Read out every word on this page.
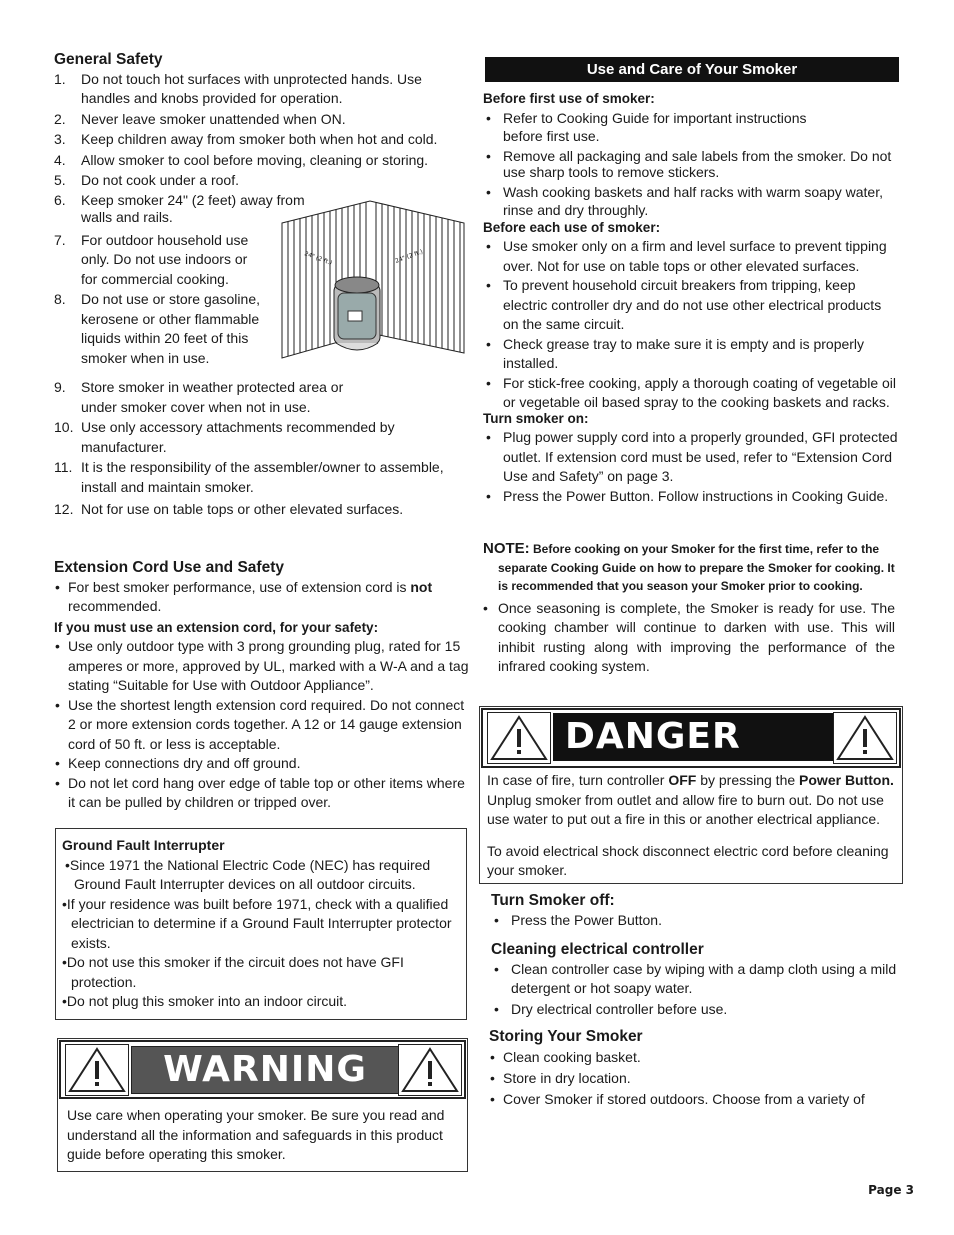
General Safety

1. Do not touch hot surfaces with unprotected hands. Use handles and knobs provided for operation.
2. Never leave smoker unattended when ON.
3. Keep children away from smoker both when hot and cold.
4. Allow smoker to cool before moving, cleaning or storing.
5. Do not cook under a roof.
6. Keep smoker 24" (2 feet) away from walls and rails.
7. For outdoor household use only. Do not use indoors or for commercial cooking.
8. Do not use or store gasoline, kerosene or other flammable liquids within 20 feet of this smoker when in use.
9. Store smoker in weather protected area or under smoker cover when not in use.
10. Use only accessory attachments recommended by manufacturer.
11. It is the responsibility of the assembler/owner to assemble, install and maintain smoker.
12. Not for use on table tops or other elevated surfaces.
24" (2 ft.)	24" (2 ft.)

Extension Cord Use and Safety

• For best smoker performance, use of extension cord is not recommended.

If you must use an extension cord, for your safety:

• Use only outdoor type with 3 prong grounding plug, rated for 15 amperes or more, approved by UL, marked with a W-A and a tag stating “Suitable for Use with Outdoor Appliance”.
• Use the shortest length extension cord required. Do not connect 2 or more extension cords together. A 12 or 14 gauge extension cord of 50 ft. or less is acceptable.
• Keep connections dry and off ground.
• Do not let cord hang over edge of table top or other items where it can be pulled by children or tripped over.

Ground Fault Interrupter

•Since 1971 the National Electric Code (NEC) has required Ground Fault Interrupter devices on all outdoor circuits.
•If your residence was built before 1971, check with a qualified electrician to determine if a Ground Fault Interrupter protector exists.
•Do not use this smoker if the circuit does not have GFI protection.
•Do not plug this smoker into an indoor circuit.
WARNING
Use care when operating your smoker. Be sure you read and understand all the information and safeguards in this product guide before operating this smoker.
Use and Care of Your Smoker

Before first use of smoker:

• Refer to Cooking Guide for important instructions before first use.
• Remove all packaging and sale labels from the smoker. Do not use sharp tools to remove stickers.
• Wash cooking baskets and half racks with warm soapy water, rinse and dry throughly.

Before each use of smoker:

• Use smoker only on a firm and level surface to prevent tipping over. Not for use on table tops or other elevated surfaces.
• To prevent household circuit breakers from tripping, keep electric controller dry and do not use other electrical products on the same circuit.
• Check grease tray to make sure it is empty and is properly installed.
• For stick-free cooking, apply a thorough coating of vegetable oil or vegetable oil based spray to the cooking baskets and racks.

Turn smoker on:

• Plug power supply cord into a properly grounded, GFI protected outlet. If extension cord must be used, refer to “Extension Cord Use and Safety” on page 3.
• Press the Power Button. Follow instructions in Cooking Guide.
NOTE: Before cooking on your Smoker for the first time, refer to the separate Cooking Guide on how to prepare the Smoker for cooking. It is recommended that you season your Smoker prior to cooking.
• Once seasoning is complete, the Smoker is ready for use. The cooking chamber will continue to darken with use. This will inhibit rusting along with improving the performance of the infrared cooking system.
DANGER
In case of fire, turn controller OFF by pressing the Power Button. Unplug smoker from outlet and allow fire to burn out. Do not use use water to put out a fire in this or another electrical appliance.
To avoid electrical shock disconnect electric cord before cleaning your smoker.

Turn Smoker off:

• Press the Power Button.

Cleaning electrical controller

• Clean controller case by wiping with a damp cloth using a mild detergent or hot soapy water.
• Dry electrical controller before use.

Storing Your Smoker

• Clean cooking basket.
• Store in dry location.
• Cover Smoker if stored outdoors. Choose from a variety of
Page 3
